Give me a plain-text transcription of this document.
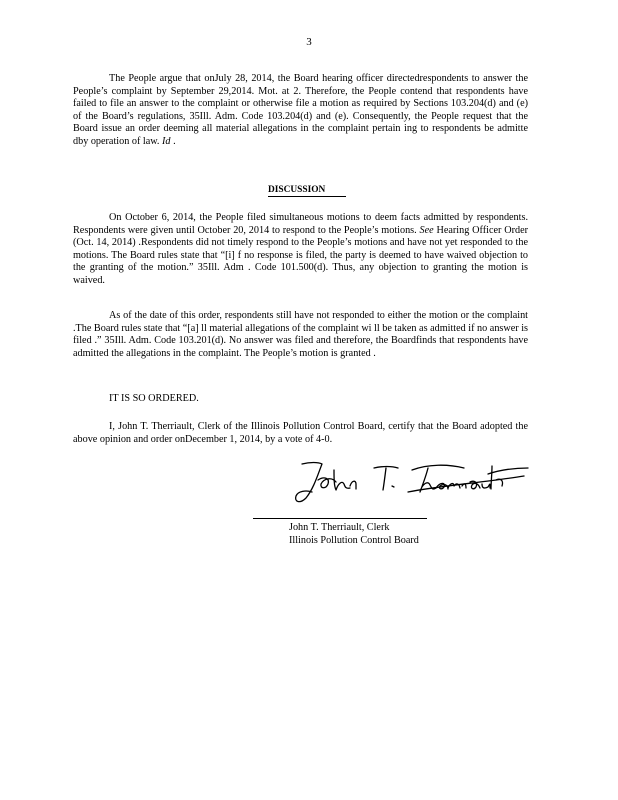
3

The People argue that onJuly 28, 2014, the Board hearing officer directedrespondents to answer the People’s complaint by September 29,2014. Mot. at 2. Therefore, the People contend that respondents have failed to file an answer to the complaint or otherwise file a motion as required by Sections 103.204(d) and (e) of the Board’s regulations, 35Ill. Adm. Code 103.204(d) and (e). Consequently, the People request that the Board issue an order deeming all material allegations in the complaint pertain ing to respondents be admitte dby operation of law. Id .

DISCUSSION

On October 6, 2014, the People filed simultaneous motions to deem facts admitted by respondents. Respondents were given until October 20, 2014 to respond to the People’s motions. See Hearing Officer Order (Oct. 14, 2014) .Respondents did not timely respond to the People’s motions and have not yet responded to the motions. The Board rules state that “[i] f no response is filed, the party is deemed to have waived objection to the granting of the motion.” 35Ill. Adm . Code 101.500(d). Thus, any objection to granting the motion is waived.

As of the date of this order, respondents still have not responded to either the motion or the complaint .The Board rules state that “[a] ll material allegations of the complaint wi ll be taken as admitted if no answer is filed .” 35Ill. Adm. Code 103.201(d). No answer was filed and therefore, the Boardfinds that respondents have admitted the allegations in the complaint. The People’s motion is granted .

IT IS SO ORDERED.

I, John T. Therriault, Clerk of the Illinois Pollution Control Board, certify that the Board adopted the above opinion and order onDecember 1, 2014, by a vote of 4-0.

John T. Therriault
John T. Therriault, Clerk
Illinois Pollution Control Board
